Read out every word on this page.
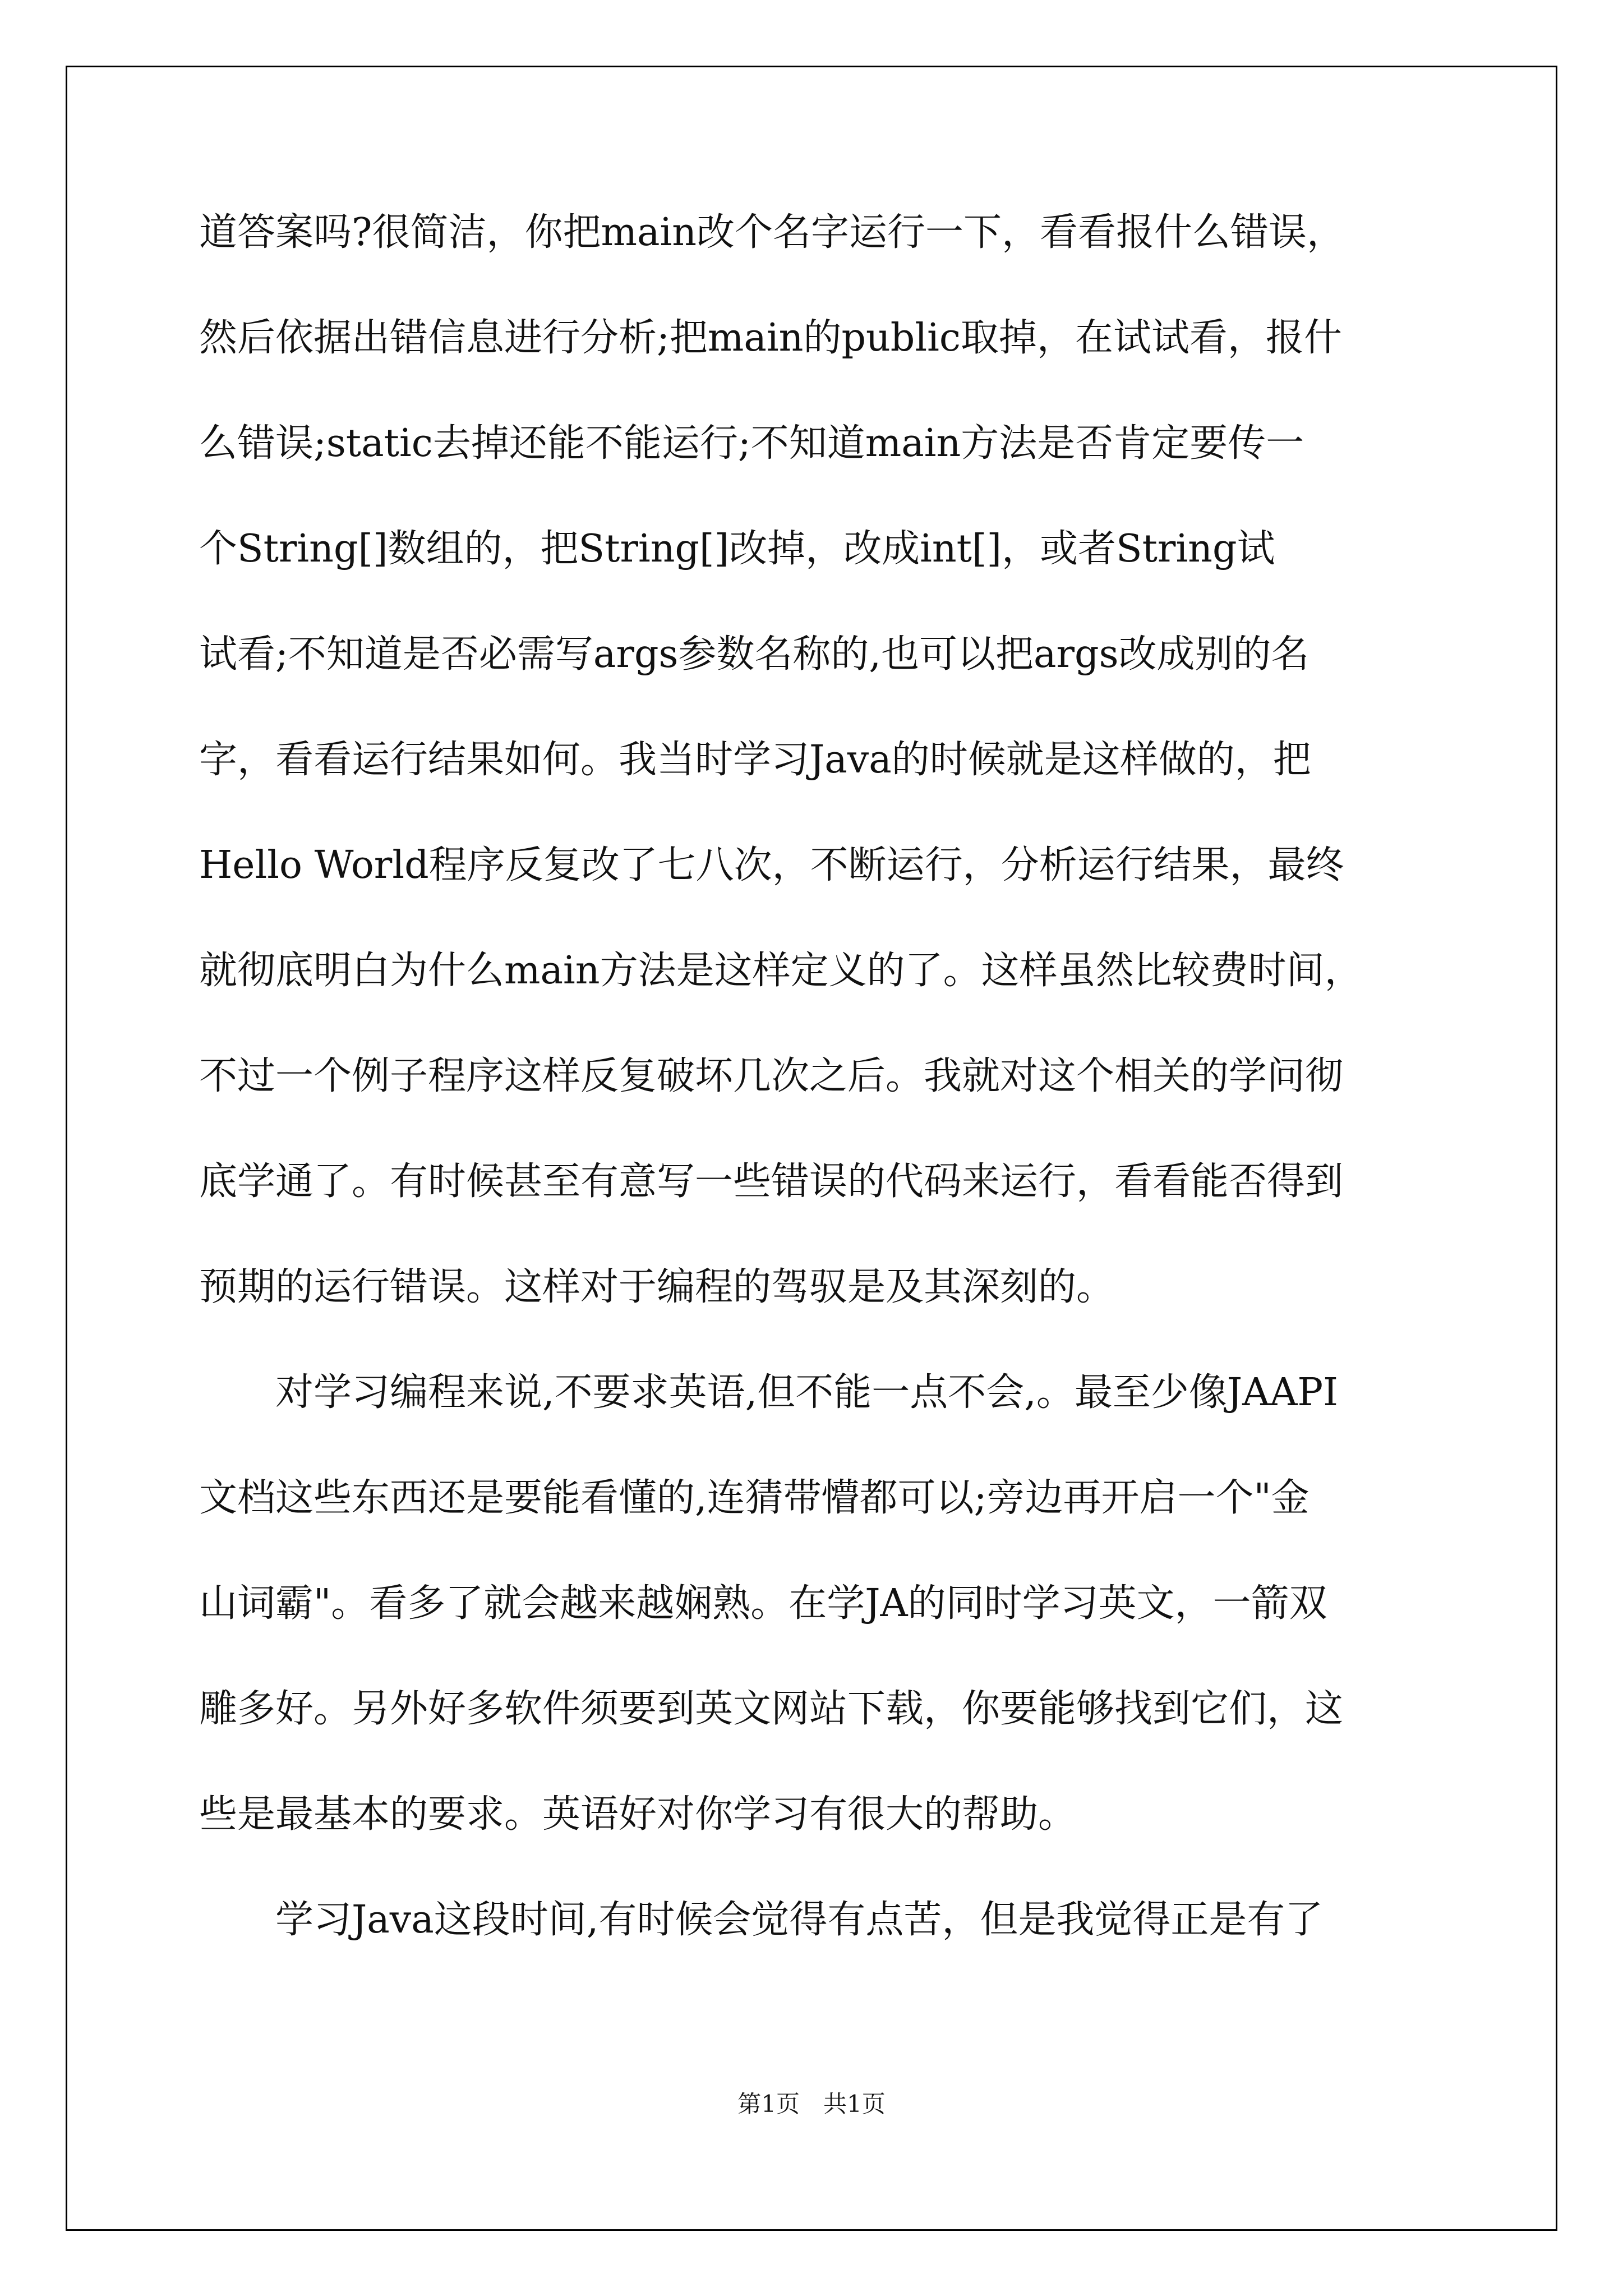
道答案吗?很简洁，你把main改个名字运行一下，看看报什么错误，
然后依据出错信息进行分析;把main的public取掉，在试试看，报什
么错误;static去掉还能不能运行;不知道main方法是否肯定要传一
个String[]数组的，把String[]改掉，改成int[]，或者String试
试看;不知道是否必需写args参数名称的,也可以把args改成别的名
字，看看运行结果如何。我当时学习Java的时候就是这样做的，把
Hello World程序反复改了七八次，不断运行，分析运行结果，最终
就彻底明白为什么main方法是这样定义的了。这样虽然比较费时间，
不过一个例子程序这样反复破坏几次之后。我就对这个相关的学问彻
底学通了。有时候甚至有意写一些错误的代码来运行，看看能否得到
预期的运行错误。这样对于编程的驾驭是及其深刻的。
　　对学习编程来说,不要求英语,但不能一点不会,。最至少像JAAPI
文档这些东西还是要能看懂的,连猜带懵都可以;旁边再开启一个"金
山词霸"。看多了就会越来越娴熟。在学JA的同时学习英文，一箭双
雕多好。另外好多软件须要到英文网站下载，你要能够找到它们，这
些是最基本的要求。英语好对你学习有很大的帮助。
　　学习Java这段时间,有时候会觉得有点苦，但是我觉得正是有了
第1页　共1页
